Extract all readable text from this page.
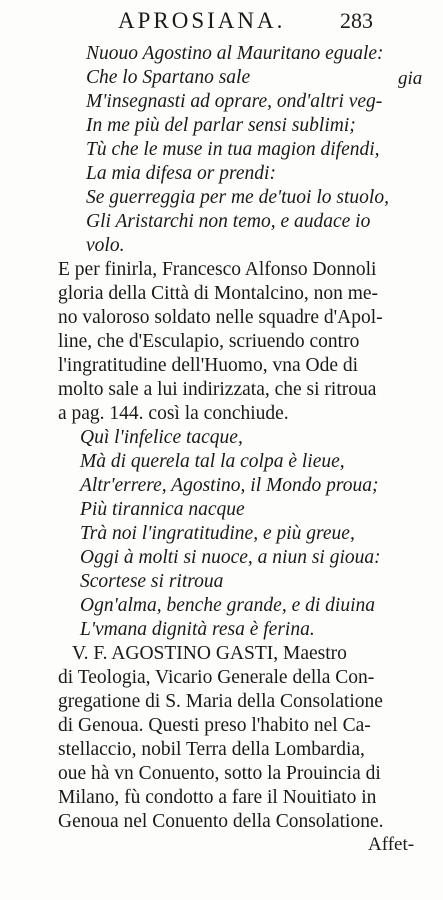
APROSIANA. 283
Nuouo Agostino al Mauritano eguale:
Che lo Spartano sale	gia
M'insegnasti ad oprare, ond'altri veg-
In me più del parlar sensi sublimi;
Tù che le muse in tua magion difendi,
La mia difesa or prendi:
Se guerreggia per me de'tuoi lo stuolo,
Gli Aristarchi non temo, e audace io
volo.
E per finirla, Francesco Alfonso Donnoli
gloria della Città di Montalcino, non me-
no valoroso soldato nelle squadre d'Apol-
line, che d'Esculapio, scriuendo contro
l'ingratitudine dell'Huomo, vna Ode di
molto sale a lui indirizzata, che si ritroua
a pag. 144. così la conchiude.
Quì l'infelice tacque,
Mà di querela tal la colpa è lieue,
Altr'errere, Agostino, il Mondo proua;
Più tirannica nacque
Trà noi l'ingratitudine, e più greue,
Oggi à molti si nuoce, a niun si gioua:
Scortese si ritroua
Ogn'alma, benche grande, e di diuina
L'vmana dignità resa è ferina.
V. F. AGOSTINO GASTI, Maestro
di Teologia, Vicario Generale della Con-
gregatione di S. Maria della Consolatione
di Genoua. Questi preso l'habito nel Ca-
stellaccio, nobil Terra della Lombardia,
oue hà vn Conuento, sotto la Prouincia di
Milano, fù condotto a fare il Nouitiato in
Genoua nel Conuento della Consolatione.
Affet-
